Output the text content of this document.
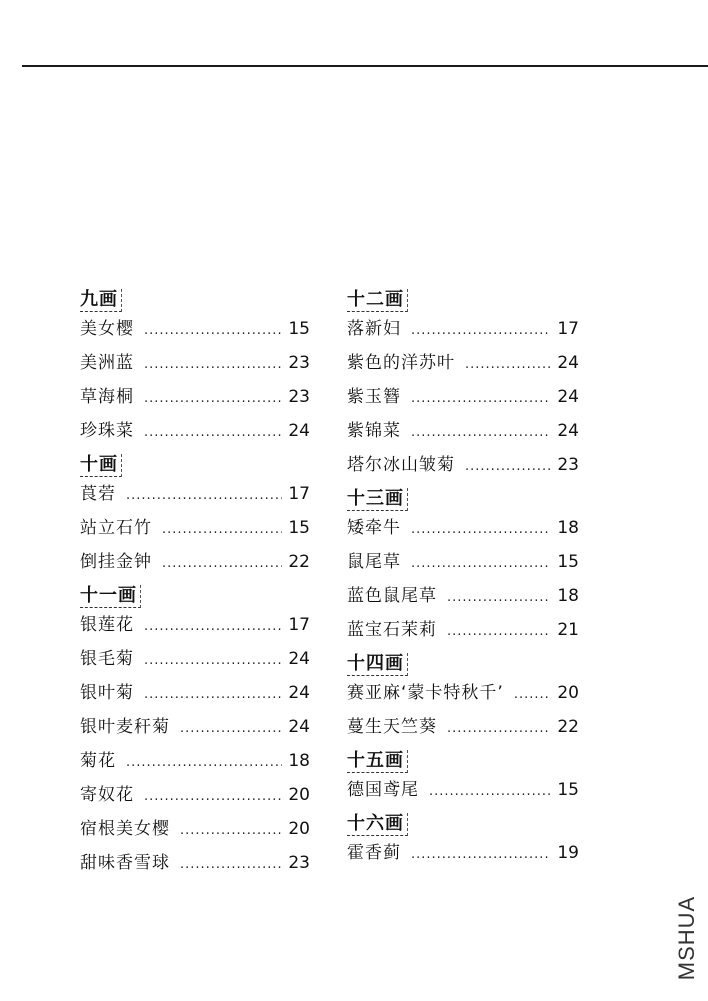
九画
美女樱 .....	15
美洲蓝 .....	23
草海桐 .....	23
珍珠菜 .....	24
十画
莨菪 .....	17
站立石竹 .....	15
倒挂金钟 .....	22
十一画
银莲花 .....	17
银毛菊 .....	24
银叶菊 .....	24
银叶麦秆菊 .....	24
菊花 .....	18
寄奴花 .....	20
宿根美女樱 .....	20
甜味香雪球 .....	23
十二画
落新妇 .....	17
紫色的洋苏叶 .....	24
紫玉簪 .....	24
紫锦菜 .....	24
塔尔冰山皱菊 .....	23
十三画
矮牵牛 .....	18
鼠尾草 .....	15
蓝色鼠尾草 .....	18
蓝宝石茉莉 .....	21
十四画
赛亚麻‘蒙卡特秋千’ .....	20
蔓生天竺葵 .....	22
十五画
德国鸢尾 .....	15
十六画
霍香蓟 .....	19
MSHUA
